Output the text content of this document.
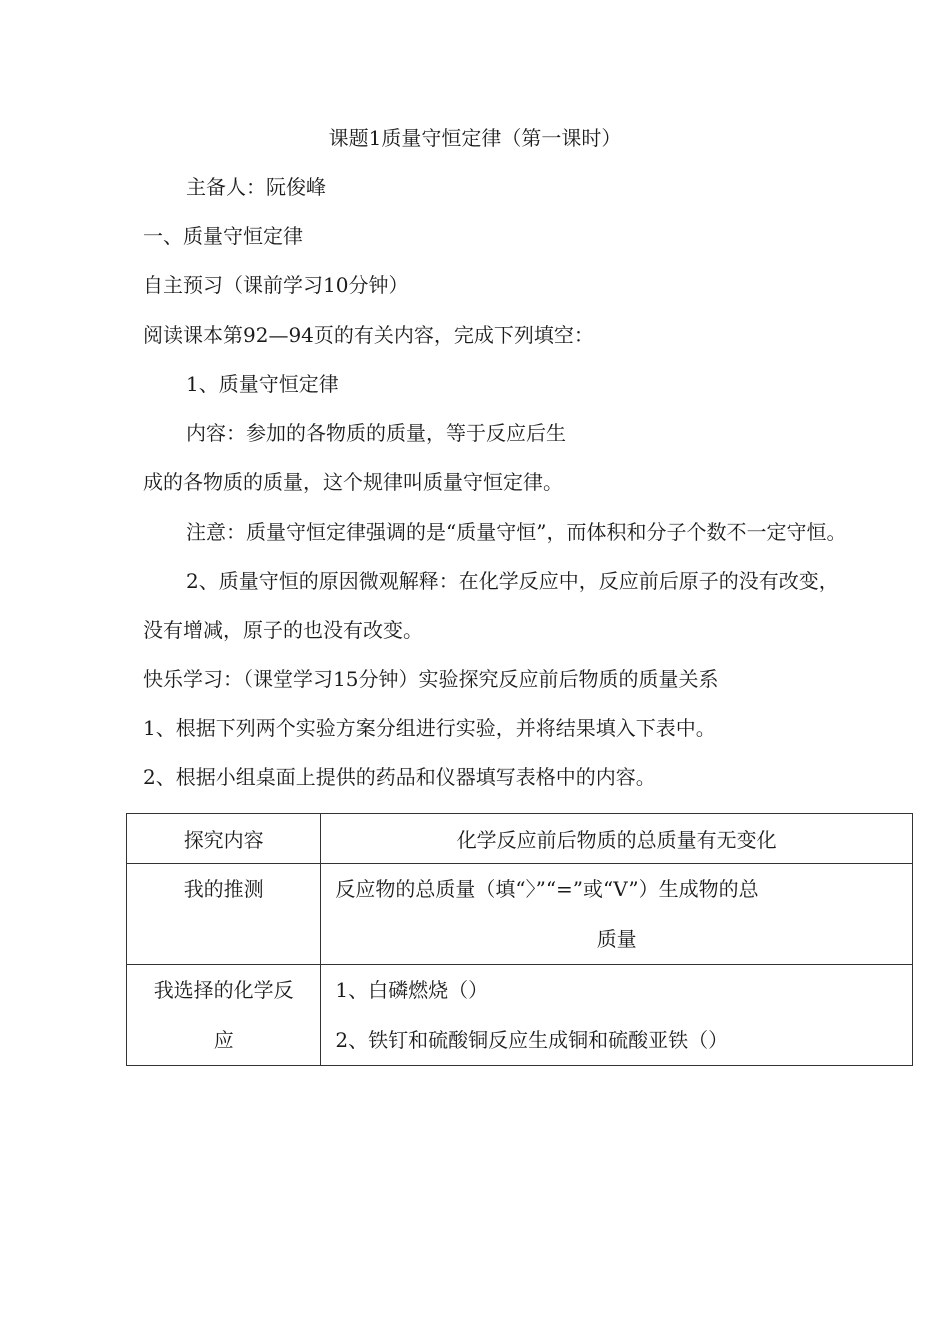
课题1质量守恒定律（第一课时）
主备人：阮俊峰
一、质量守恒定律
自主预习（课前学习10分钟）
阅读课本第92—94页的有关内容，完成下列填空：
1、质量守恒定律
内容：参加的各物质的质量，等于反应后生
成的各物质的质量，这个规律叫质量守恒定律。
注意：质量守恒定律强调的是“质量守恒”，而体积和分子个数不一定守恒。
2、质量守恒的原因微观解释：在化学反应中，反应前后原子的没有改变，
没有增减，原子的也没有改变。
快乐学习：（课堂学习15分钟）实验探究反应前后物质的质量关系
1、根据下列两个实验方案分组进行实验，并将结果填入下表中。
2、根据小组桌面上提供的药品和仪器填写表格中的内容。
探究内容	化学反应前后物质的总质量有无变化

我的推测	反应物的总质量（填“〉”“=”或“V”）生成物的总
质量

我选择的化学反
应	1、白磷燃烧（）
2、铁钉和硫酸铜反应生成铜和硫酸亚铁（）
